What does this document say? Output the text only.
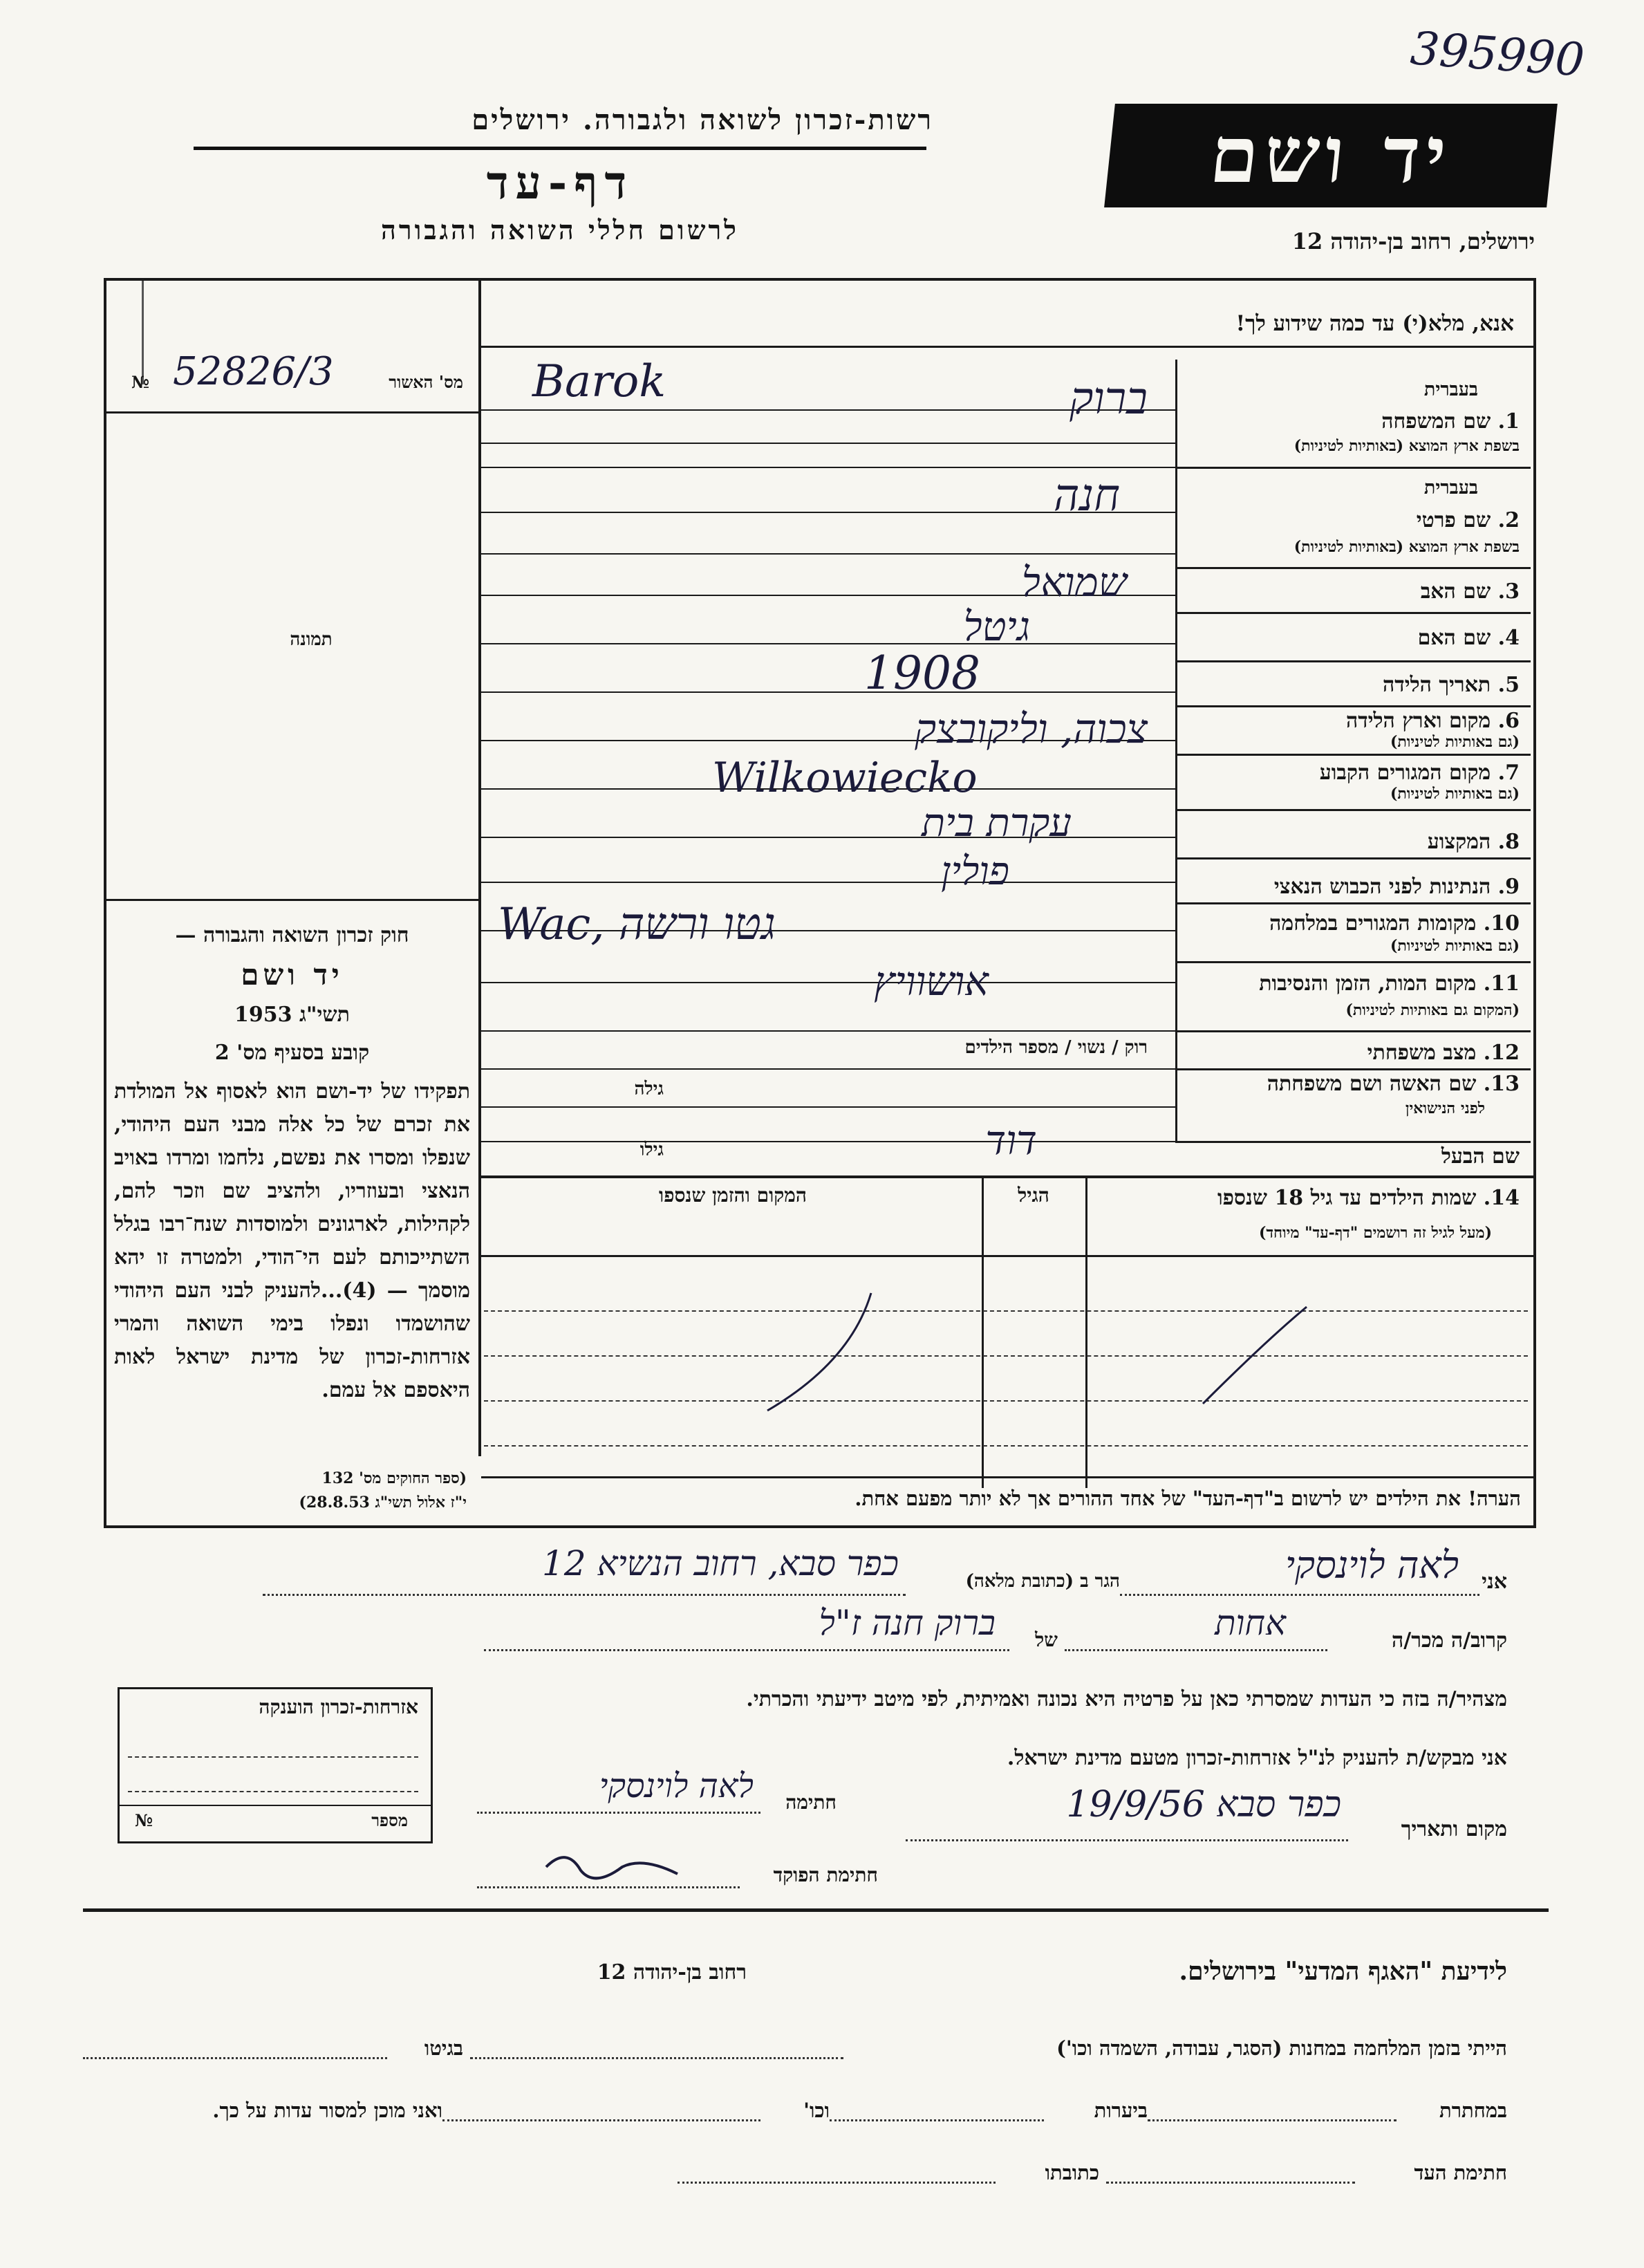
395990
רשות-זכרון לשואה ולגבורה. ירושלים
דף-עד
לרשום חללי השואה והגבורה
יד ושם
ירושלים, רחוב בן-יהודה 12
52826/3	מס' האשור
№
תמונה
חוק זכרון השואה והגבורה —
יד ושם
תשי"ג 1953
קובע בסעיף מס' 2
תפקידו של יד-ושם הוא לאסוף אל המולדת את זכרם של כל אלה מבני העם היהודי, שנפלו ומסרו את נפשם, נלחמו ומרדו באויב הנאצי ובעוזריו, ולהציב שם וזכר להם, לקהילות, לארגונים ולמוסדות שנח־רבו בגלל השתייכותם לעם הי־הודי, ולמטרה זו יהא מוסמך — (4)...להעניק לבני העם היהודי שהושמדו ונפלו בימי השואה והמרי אזרחות-זכרון של מדינת ישראל לאות היאספם אל עמם.
(ספר החוקים מס' 132
י"ז אלול תשי"ג 28.8.53)
אנא, מלא(י) עד כמה שידוע לך!
בעברית
1. שם המשפחה
בשפת ארץ המוצא (באותיות לטיניות)
Barok	ברוק
בעברית
2. שם פרטי
בשפת ארץ המוצא (באותיות לטיניות)
חנה
3. שם האב
שמואל
4. שם האם
גיטל
5. תאריך הלידה
1908
6. מקום וארץ הלידה
(גם באותיות לטיניות)
צכוה, וליקובצק
7. מקום המגורים הקבוע
(גם באותיות לטיניות)
Wilkowiecko
8. המקצוע
עקרת בית
9. הנתינות לפני הכבוש הנאצי
פולין
10. מקומות המגורים במלחמה
(גם באותיות לטיניות)
Wac, גטו ורשה
11. מקום המות, הזמן והנסיבות
(המקום גם באותיות לטיניות)
אושוויץ
12. מצב משפחתי
רוק / נשוי / מספר הילדים
13. שם האשה ושם משפחתה
לפני הנישואין
גילה
שם הבעל
גילו	דוד
14. שמות הילדים עד גיל 18 שנספו
(מעל לגיל זה רושמים "דף-עד" מיוחד)
הגיל
המקום והזמן שנספו
הערה! את הילדים יש לרשום ב"דף-העד" של אחד ההורים אך לא יותר מפעם אחת.
אני
לאה לוינסקי
הגר ב (כתובת מלאה)
כפר סבא, רחוב הנשיא 12
קרוב/ה מכר/ה
אחות
של
ברוק חנה ז"ל
מצהיר/ה בזה כי העדות שמסרתי כאן על פרטיה היא נכונה ואמיתית, לפי מיטב ידיעתי והכרתי.
אני מבקש/ת להעניק לנ"ל אזרחות-זכרון מטעם מדינת ישראל.
מקום ותאריך
כפר סבא 19/9/56
חתימה
לאה לוינסקי
חתימת הפוקד
אזרחות-זכרון הוענקה
מספר
№
לידיעת "האגף המדעי" בירושלים.
רחוב בן-יהודה 12
הייתי בזמן המלחמה במחנות (הסגר, עבודה, השמדה וכו')
בגיטו
במחתרת
ביערות
וכו'
ואני מוכן למסור עדות על כך.
חתימת העד
כתובתו
